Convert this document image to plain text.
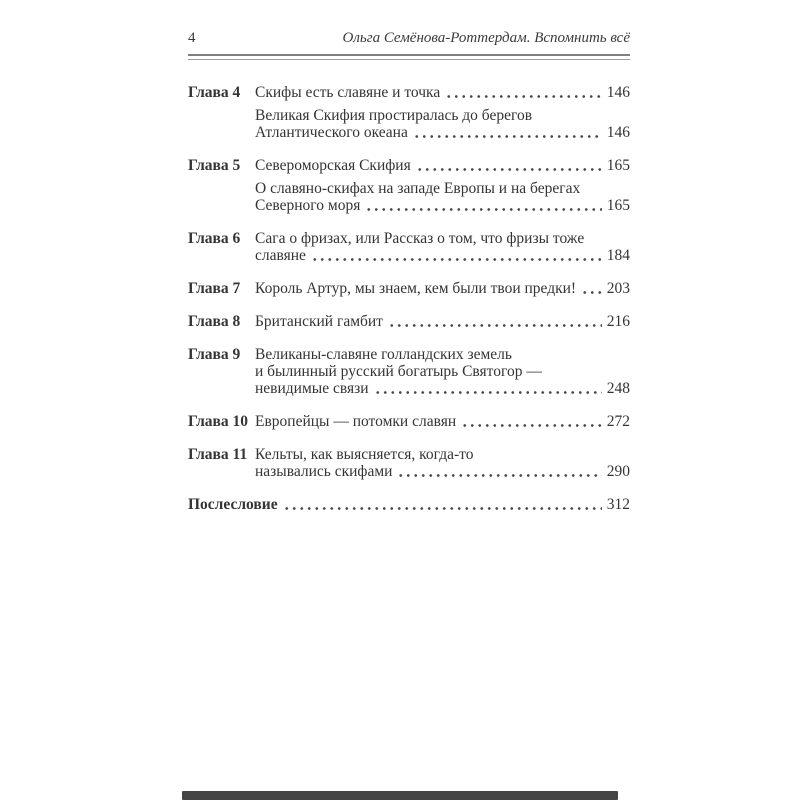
4	Ольга Семёнова-Роттердам. Вспомнить всё
Глава 4 Скифы есть славяне и точка	146
Великая Скифия простиралась до берегов
Атлантического океана	146
Глава 5 Североморская Скифия	165
О славяно-скифах на западе Европы и на берегах
Северного моря	165
Глава 6 Сага о фризах, или Рассказ о том, что фризы тоже
славяне	184
Глава 7 Король Артур, мы знаем, кем были твои предки! 203
Глава 8 Британский гамбит	216
Глава 9 Великаны-славяне голландских земель
и былинный русский богатырь Святогор —
невидимые связи	248
Глава 10 Европейцы — потомки славян	272
Глава 11 Кельты, как выясняется, когда-то
назывались скифами	290
Послесловие	312
